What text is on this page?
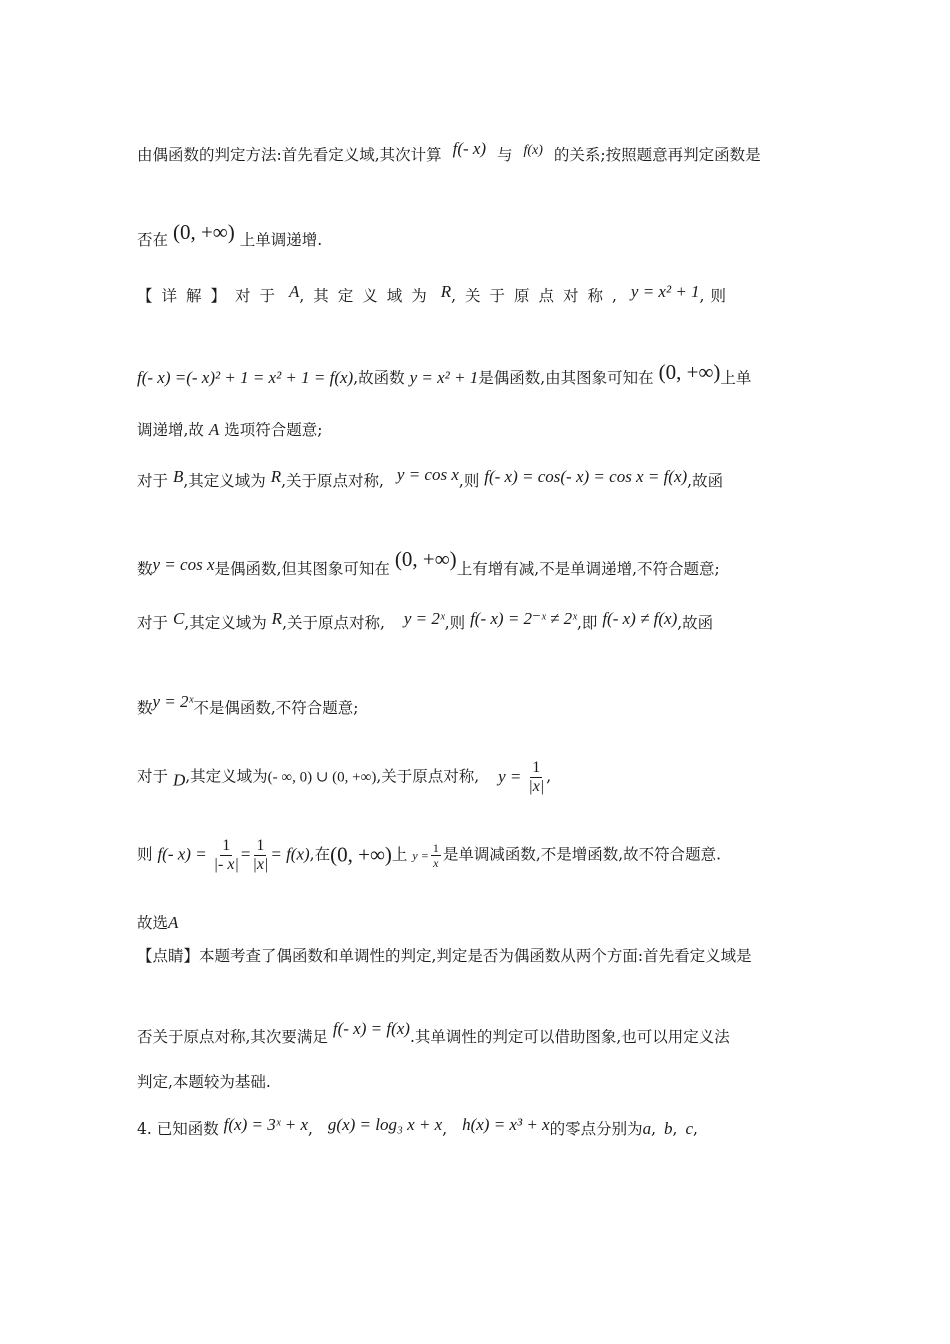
由偶函数的判定方法:首先看定义域,其次计算 f(- x) 与 f(x) 的关系;按照题意再判定函数是
否在 (0, +∞) 上单调递增.
【详解】对于 A,其定义域为 R,关于原点对称, y = x² + 1,则
f(- x) =(- x)² + 1 = x² + 1 = f(x),故函数 y = x² + 1是偶函数,由其图象可知在 (0, +∞)上单
调递增,故 A 选项符合题意;
对于 B,其定义域为 R,关于原点对称, y = cos x,则 f(- x) = cos(- x) = cos x = f(x),故函
数y = cos x是偶函数,但其图象可知在 (0, +∞)上有增有减,不是单调递增,不符合题意;
对于 C,其定义域为 R,关于原点对称, y = 2ˣ,则 f(- x) = 2⁻ˣ ≠ 2ˣ,即 f(- x) ≠ f(x),故函
数y = 2ˣ不是偶函数,不符合题意;
对于 D,其定义域为(- ∞, 0) ∪ (0, +∞),关于原点对称, $y = \frac{1}{|x|}$ ,
则 f(- $x) = \frac{1}{|- x|} = \frac{1}{|x|} = f(x)$,在(0, +∞)上 $y = \frac{1}{x}$ 是单调减函数,不是增函数,故不符合题意.
故选A
【点睛】本题考查了偶函数和单调性的判定,判定是否为偶函数从两个方面:首先看定义域是
否关于原点对称,其次要满足 f(- x) = f(x).其单调性的判定可以借助图象,也可以用定义法
判定,本题较为基础.
4. 已知函数 f(x) = 3ˣ + x, g(x) = log₃ x + x, h(x) = x³ + x的零点分别为a, b, c,
